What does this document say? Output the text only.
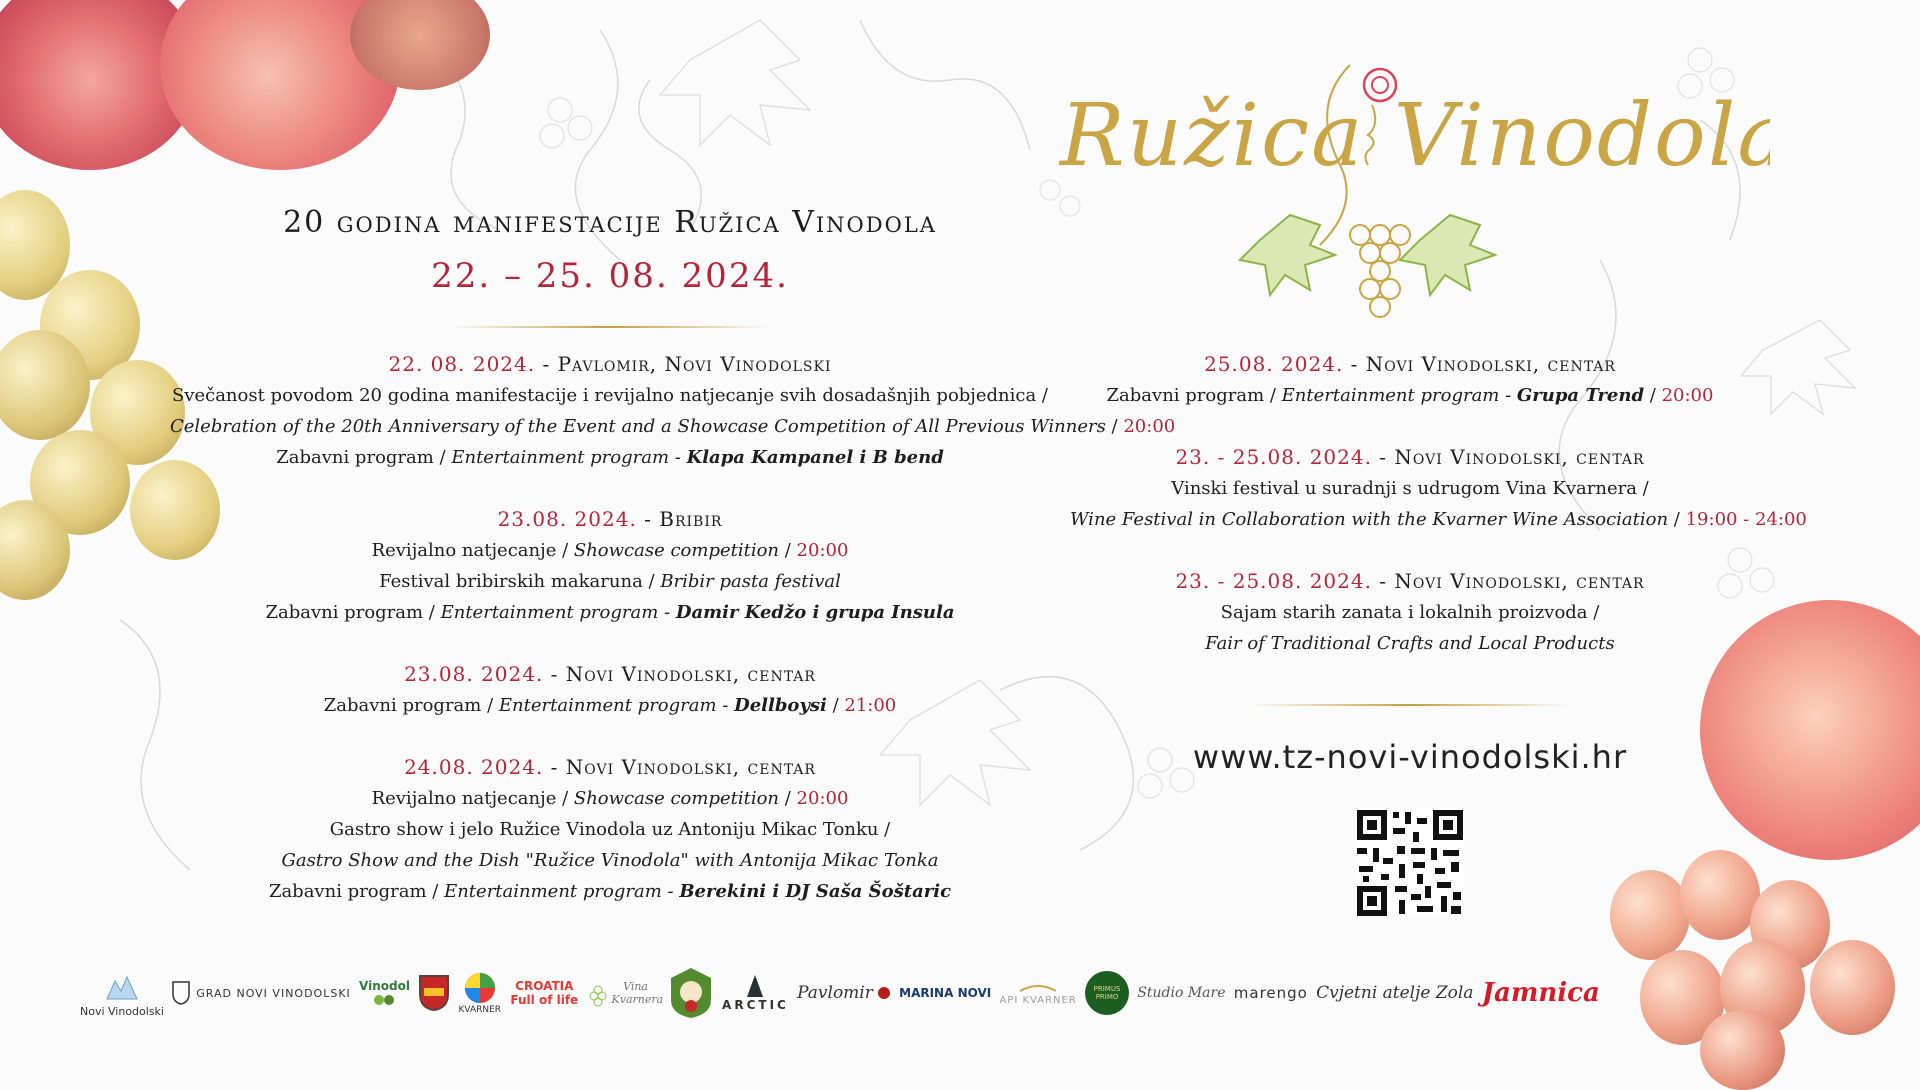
Ružica Vinodola
20 godina manifestacije Ružica Vinodola
22. – 25. 08. 2024.
22. 08. 2024. - Pavlomir, Novi Vinodolski
Svečanost povodom 20 godina manifestacije i revijalno natjecanje svih dosadašnjih pobjednica /
Celebration of the 20th Anniversary of the Event and a Showcase Competition of All Previous Winners / 20:00
Zabavni program / Entertainment program - Klapa Kampanel i B bend
23.08. 2024. - Bribir
Revijalno natjecanje / Showcase competition / 20:00
Festival bribirskih makaruna / Bribir pasta festival
Zabavni program / Entertainment program - Damir Kedžo i grupa Insula
23.08. 2024. - Novi Vinodolski, centar
Zabavni program / Entertainment program - Dellboysi / 21:00
24.08. 2024. - Novi Vinodolski, centar
Revijalno natjecanje / Showcase competition / 20:00
Gastro show i jelo Ružice Vinodola uz Antoniju Mikac Tonku /
Gastro Show and the Dish "Ružice Vinodola" with Antonija Mikac Tonka
Zabavni program / Entertainment program - Berekini i DJ Saša Šoštaric
25.08. 2024. - Novi Vinodolski, centar
Zabavni program / Entertainment program - Grupa Trend / 20:00
23. - 25.08. 2024. - Novi Vinodolski, centar
Vinski festival u suradnji s udrugom Vina Kvarnera /
Wine Festival in Collaboration with the Kvarner Wine Association / 19:00 - 24:00
23. - 25.08. 2024. - Novi Vinodolski, centar
Sajam starih zanata i lokalnih proizvoda /
Fair of Traditional Crafts and Local Products
www.tz-novi-vinodolski.hr
Novi Vinodolski
GRAD NOVI VINODOLSKI Vinodol
KVARNER
CROATIA Full of life
Vina Kvarnera	ARCTIC
Pavlomir MARINA NOVI API KVARNER
PRIMUS PRIMO	Studio Mare marengo Cvjetni atelje Zola Jamnica
